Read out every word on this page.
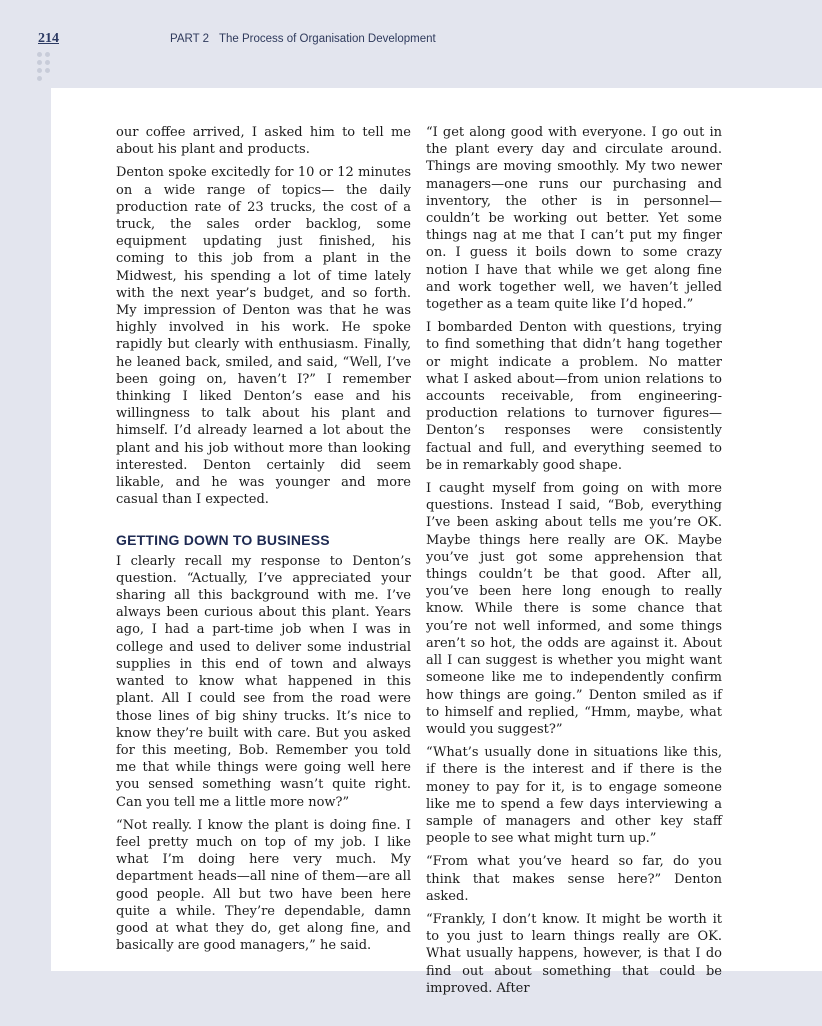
214	PART 2 The Process of Organisation Development

our coffee arrived, I asked him to tell me about his plant and products.

Denton spoke excitedly for 10 or 12 minutes on a wide range of topics— the daily production rate of 23 trucks, the cost of a truck, the sales order backlog, some equipment updating just finished, his coming to this job from a plant in the Midwest, his spending a lot of time lately with the next year’s budget, and so forth. My impression of Denton was that he was highly involved in his work. He spoke rapidly but clearly with enthusiasm. Finally, he leaned back, smiled, and said, “Well, I’ve been going on, haven’t I?” I remember thinking I liked Denton’s ease and his willingness to talk about his plant and himself. I’d already learned a lot about the plant and his job without more than looking interested. Denton certainly did seem likable, and he was younger and more casual than I expected.

GETTING DOWN TO BUSINESS

I clearly recall my response to Denton’s question. “Actually, I’ve appreciated your sharing all this background with me. I’ve always been curious about this plant. Years ago, I had a part-time job when I was in college and used to deliver some industrial supplies in this end of town and always wanted to know what happened in this plant. All I could see from the road were those lines of big shiny trucks. It’s nice to know they’re built with care. But you asked for this meeting, Bob. Remember you told me that while things were going well here you sensed something wasn’t quite right. Can you tell me a little more now?”

“Not really. I know the plant is doing fine. I feel pretty much on top of my job. I like what I’m doing here very much. My department heads—all nine of them—are all good people. All but two have been here quite a while. They’re dependable, damn good at what they do, get along fine, and basically are good managers,” he said.

“I get along good with everyone. I go out in the plant every day and circulate around. Things are moving smoothly. My two newer managers—one runs our purchasing and inventory, the other is in personnel—couldn’t be working out better. Yet some things nag at me that I can’t put my finger on. I guess it boils down to some crazy notion I have that while we get along fine and work together well, we haven’t jelled together as a team quite like I’d hoped.”

I bombarded Denton with questions, trying to find something that didn’t hang together or might indicate a problem. No matter what I asked about—from union relations to accounts receivable, from engineering-production relations to turnover figures—Denton’s responses were consistently factual and full, and everything seemed to be in remarkably good shape.

I caught myself from going on with more questions. Instead I said, “Bob, everything I’ve been asking about tells me you’re OK. Maybe things here really are OK. Maybe you’ve just got some apprehension that things couldn’t be that good. After all, you’ve been here long enough to really know. While there is some chance that you’re not well informed, and some things aren’t so hot, the odds are against it. About all I can suggest is whether you might want someone like me to independently confirm how things are going.” Denton smiled as if to himself and replied, “Hmm, maybe, what would you suggest?”

“What’s usually done in situations like this, if there is the interest and if there is the money to pay for it, is to engage someone like me to spend a few days interviewing a sample of managers and other key staff people to see what might turn up.”

“From what you’ve heard so far, do you think that makes sense here?” Denton asked.

“Frankly, I don’t know. It might be worth it to you just to learn things really are OK. What usually happens, however, is that I do find out about something that could be improved. After
